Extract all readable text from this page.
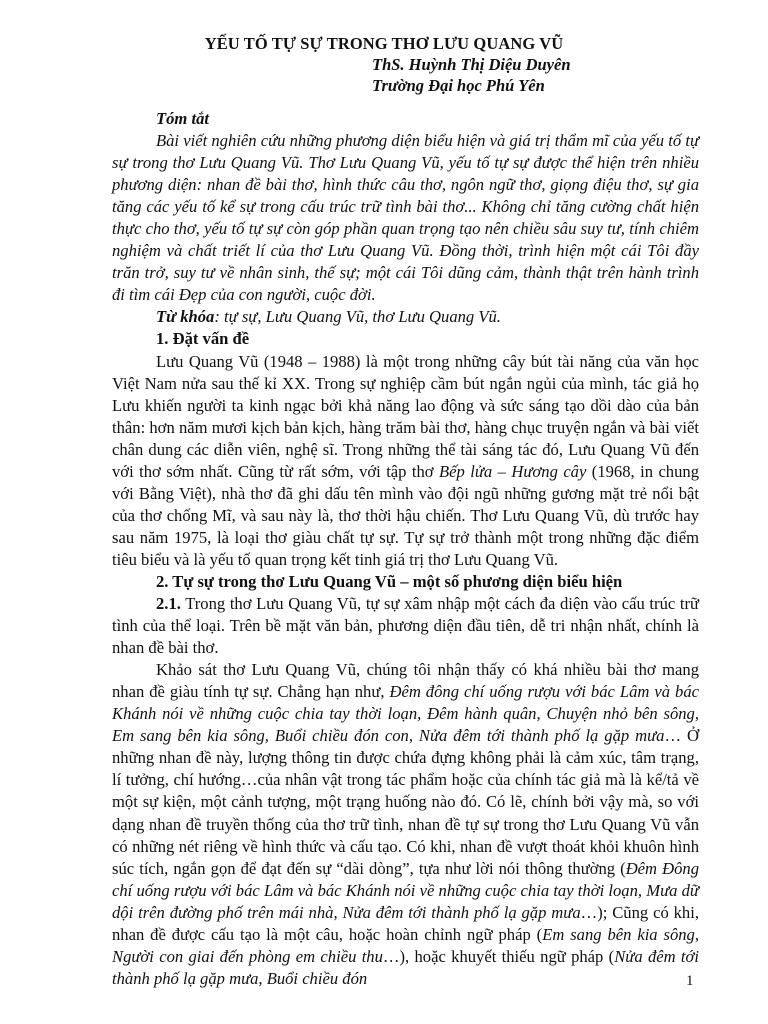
YẾU TỐ TỰ SỰ TRONG THƠ LƯU QUANG VŨ
ThS. Huỳnh Thị Diệu Duyên
Trường Đại học Phú Yên

Tóm tắt

Bài viết nghiên cứu những phương diện biểu hiện và giá trị thẩm mĩ của yếu tố tự sự trong thơ Lưu Quang Vũ. Thơ Lưu Quang Vũ, yếu tố tự sự được thể hiện trên nhiều phương diện: nhan đề bài thơ, hình thức câu thơ, ngôn ngữ thơ, giọng điệu thơ, sự gia tăng các yếu tố kể sự trong cấu trúc trữ tình bài thơ... Không chỉ tăng cường chất hiện thực cho thơ, yếu tố tự sự còn góp phần quan trọng tạo nên chiều sâu suy tư, tính chiêm nghiệm và chất triết lí của thơ Lưu Quang Vũ. Đồng thời, trình hiện một cái Tôi đầy trăn trở, suy tư về nhân sinh, thế sự; một cái Tôi dũng cảm, thành thật trên hành trình đi tìm cái Đẹp của con người, cuộc đời.

Từ khóa: tự sự, Lưu Quang Vũ, thơ Lưu Quang Vũ.

1. Đặt vấn đề

Lưu Quang Vũ (1948 – 1988) là một trong những cây bút tài năng của văn học Việt Nam nửa sau thế kỉ XX. Trong sự nghiệp cầm bút ngắn ngủi của mình, tác giả họ Lưu khiến người ta kinh ngạc bởi khả năng lao động và sức sáng tạo dồi dào của bản thân: hơn năm mươi kịch bản kịch, hàng trăm bài thơ, hàng chục truyện ngắn và bài viết chân dung các diễn viên, nghệ sĩ. Trong những thể tài sáng tác đó, Lưu Quang Vũ đến với thơ sớm nhất. Cũng từ rất sớm, với tập thơ Bếp lửa – Hương cây (1968, in chung với Bằng Việt), nhà thơ đã ghi dấu tên mình vào đội ngũ những gương mặt trẻ nổi bật của thơ chống Mĩ, và sau này là, thơ thời hậu chiến. Thơ Lưu Quang Vũ, dù trước hay sau năm 1975, là loại thơ giàu chất tự sự. Tự sự trở thành một trong những đặc điểm tiêu biểu và là yếu tố quan trọng kết tinh giá trị thơ Lưu Quang Vũ.

2. Tự sự trong thơ Lưu Quang Vũ – một số phương diện biểu hiện

2.1. Trong thơ Lưu Quang Vũ, tự sự xâm nhập một cách đa diện vào cấu trúc trữ tình của thể loại. Trên bề mặt văn bản, phương diện đầu tiên, dễ tri nhận nhất, chính là nhan đề bài thơ.

Khảo sát thơ Lưu Quang Vũ, chúng tôi nhận thấy có khá nhiều bài thơ mang nhan đề giàu tính tự sự. Chẳng hạn như, Đêm đông chí uống rượu với bác Lâm và bác Khánh nói về những cuộc chia tay thời loạn, Đêm hành quân, Chuyện nhỏ bên sông, Em sang bên kia sông, Buổi chiều đón con, Nửa đêm tới thành phố lạ gặp mưa… Ở những nhan đề này, lượng thông tin được chứa đựng không phải là cảm xúc, tâm trạng, lí tưởng, chí hướng…của nhân vật trong tác phẩm hoặc của chính tác giả mà là kể/tả về một sự kiện, một cảnh tượng, một trạng huống nào đó. Có lẽ, chính bởi vậy mà, so với dạng nhan đề truyền thống của thơ trữ tình, nhan đề tự sự trong thơ Lưu Quang Vũ vẫn có những nét riêng về hình thức và cấu tạo. Có khi, nhan đề vượt thoát khỏi khuôn hình súc tích, ngắn gọn để đạt đến sự “dài dòng”, tựa như lời nói thông thường (Đêm Đông chí uống rượu với bác Lâm và bác Khánh nói về những cuộc chia tay thời loạn, Mưa dữ dội trên đường phố trên mái nhà, Nửa đêm tới thành phố lạ gặp mưa…); Cũng có khi, nhan đề được cấu tạo là một câu, hoặc hoàn chỉnh ngữ pháp (Em sang bên kia sông, Người con giai đến phòng em chiều thu…), hoặc khuyết thiếu ngữ pháp (Nửa đêm tới thành phố lạ gặp mưa, Buổi chiều đón	1
